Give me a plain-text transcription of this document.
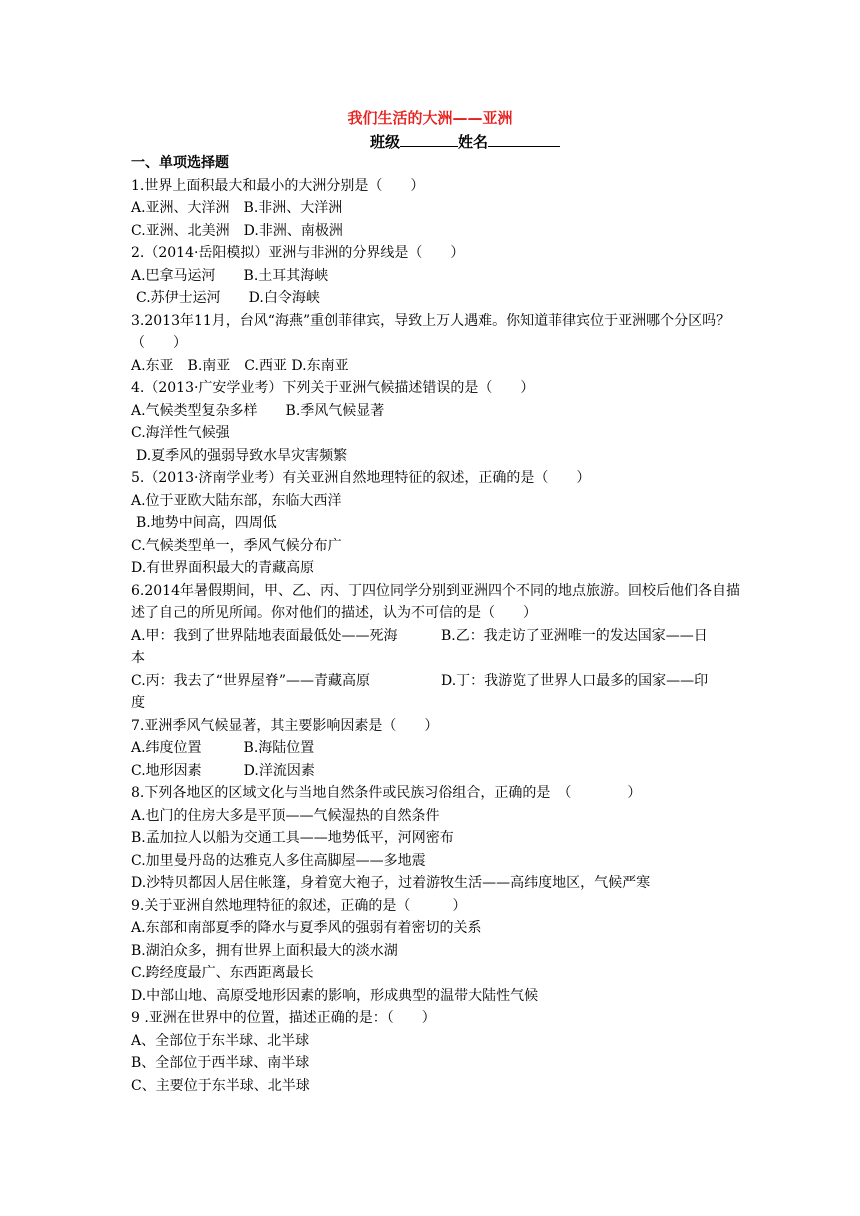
我们生活的大洲——亚洲
班级	姓名
一、单项选择题
1.世界上面积最大和最小的大洲分别是（　　）
A.亚洲、大洋洲　B.非洲、大洋洲
C.亚洲、北美洲　D.非洲、南极洲
2.（2014·岳阳模拟）亚洲与非洲的分界线是（　　）
A.巴拿马运河　　B.土耳其海峡
C.苏伊士运河　　D.白令海峡
3.2013年11月，台风“海燕”重创菲律宾，导致上万人遇难。你知道菲律宾位于亚洲哪个分区吗？（　　）
A.东亚　B.南亚　C.西亚 D.东南亚
4.（2013·广安学业考）下列关于亚洲气候描述错误的是（　　）
A.气候类型复杂多样　　B.季风气候显著
C.海洋性气候强
D.夏季风的强弱导致水旱灾害频繁
5.（2013·济南学业考）有关亚洲自然地理特征的叙述，正确的是（　　）
A.位于亚欧大陆东部，东临大西洋
B.地势中间高，四周低
C.气候类型单一，季风气候分布广
D.有世界面积最大的青藏高原
6.2014年暑假期间，甲、乙、丙、丁四位同学分别到亚洲四个不同的地点旅游。回校后他们各自描述了自己的所见所闻。你对他们的描述，认为不可信的是（　　）
A.甲：我到了世界陆地表面最低处——死海	B.乙：我走访了亚洲唯一的发达国家——日
本
C.丙：我去了“世界屋脊”——青藏高原	D.丁：我游览了世界人口最多的国家——印
度
7.亚洲季风气候显著，其主要影响因素是（　　）
A.纬度位置　　　B.海陆位置
C.地形因素　　　D.洋流因素
8.下列各地区的区域文化与当地自然条件或民族习俗组合，正确的是　（　　　　）
A.也门的住房大多是平顶——气候湿热的自然条件
B.孟加拉人以船为交通工具——地势低平，河网密布
C.加里曼丹岛的达雅克人多住高脚屋——多地震
D.沙特贝都因人居住帐篷，身着宽大袍子，过着游牧生活——高纬度地区，气候严寒
9.关于亚洲自然地理特征的叙述，正确的是（　　　）
A.东部和南部夏季的降水与夏季风的强弱有着密切的关系
B.湖泊众多，拥有世界上面积最大的淡水湖
C.跨经度最广、东西距离最长
D.中部山地、高原受地形因素的影响，形成典型的温带大陆性气候
9 .亚洲在世界中的位置，描述正确的是：（　　）
A、全部位于东半球、北半球
B、全部位于西半球、南半球
C、主要位于东半球、北半球
